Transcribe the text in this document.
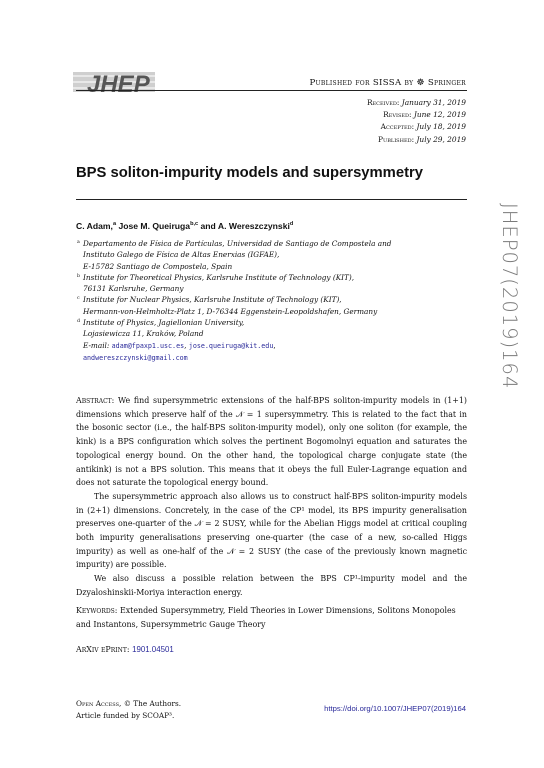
JHEP	Published for SISSA by ☸ Springer
Received: January 31, 2019
Revised: June 12, 2019
Accepted: July 18, 2019
Published: July 29, 2019
BPS soliton-impurity models and supersymmetry
C. Adam,$^a$ Jose M. Queiruga$^{b,c}$ and A. Wereszczynski$^d$
a Departamento de Física de Partículas, Universidad de Santiago de Compostela and
Instituto Galego de Física de Altas Enerxias (IGFAE),
E-15782 Santiago de Compostela, Spain
b Institute for Theoretical Physics, Karlsruhe Institute of Technology (KIT),
76131 Karlsruhe, Germany
c Institute for Nuclear Physics, Karlsruhe Institute of Technology (KIT),
Hermann-von-Helmholtz-Platz 1, D-76344 Eggenstein-Leopoldshafen, Germany
d Institute of Physics, Jagiellonian University,
Lojasiewicza 11, Kraków, Poland
E-mail: adam@fpaxp1.usc.es, jose.queiruga@kit.edu,
andwereszczynski@gmail.com

Abstract: We find supersymmetric extensions of the half-BPS soliton-impurity models in (1+1) dimensions which preserve half of the 𝒩 = 1 supersymmetry. This is related to the fact that in the bosonic sector (i.e., the half-BPS soliton-impurity model), only one soliton (for example, the kink) is a BPS configuration which solves the pertinent Bogomolnyi equation and saturates the topological energy bound. On the other hand, the topological charge conjugate state (the antikink) is not a BPS solution. This means that it obeys the full Euler-Lagrange equation and does not saturate the topological energy bound.

The supersymmetric approach also allows us to construct half-BPS soliton-impurity models in (2+1) dimensions. Concretely, in the case of the CP¹ model, its BPS impurity generalisation preserves one-quarter of the 𝒩 = 2 SUSY, while for the Abelian Higgs model at critical coupling both impurity generalisations preserving one-quarter (the case of a new, so-called Higgs impurity) as well as one-half of the 𝒩 = 2 SUSY (the case of the previously known magnetic impurity) are possible.

We also discuss a possible relation between the BPS CP¹-impurity model and the Dzyaloshinskii-Moriya interaction energy.

Keywords: Extended Supersymmetry, Field Theories in Lower Dimensions, Solitons Monopoles and Instantons, Supersymmetric Gauge Theory
ArXiv ePrint: 1901.04501
Open Access, © The Authors.
Article funded by SCOAP³.
https://doi.org/10.1007/JHEP07(2019)164
JHEP07(2019)164
